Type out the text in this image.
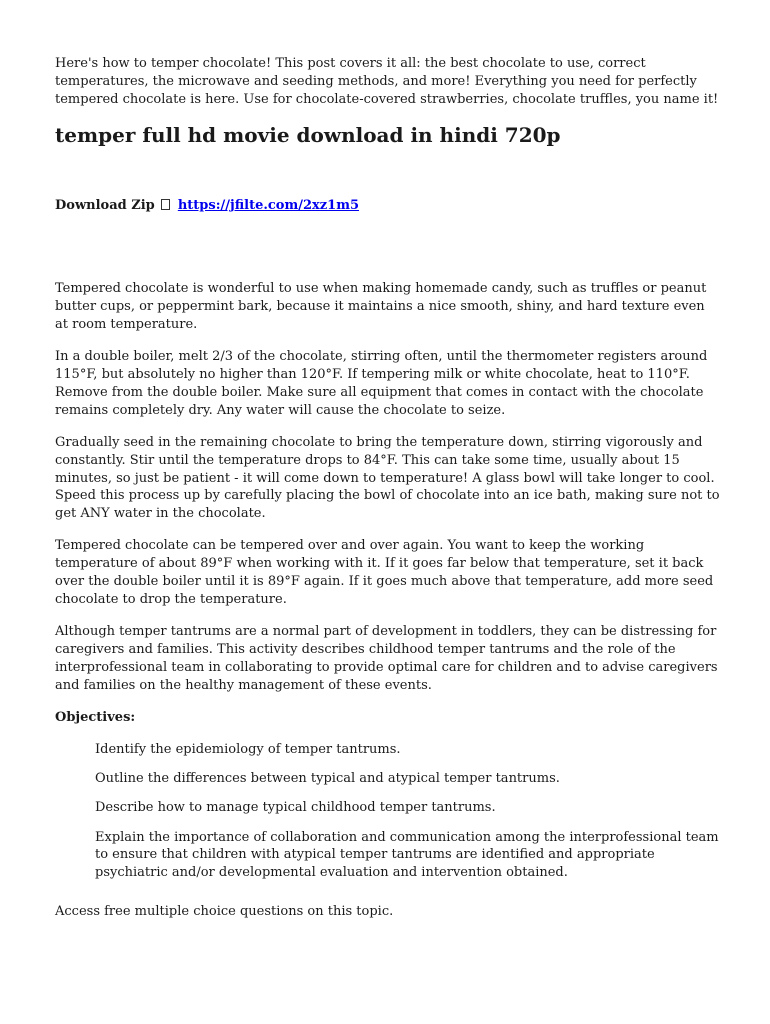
Here's how to temper chocolate! This post covers it all: the best chocolate to use, correct temperatures, the microwave and seeding methods, and more! Everything you need for perfectly tempered chocolate is here. Use for chocolate-covered strawberries, chocolate truffles, you name it!

temper full hd movie download in hindi 720p

Download Zip https://jfilte.com/2xz1m5

Tempered chocolate is wonderful to use when making homemade candy, such as truffles or peanut butter cups, or peppermint bark, because it maintains a nice smooth, shiny, and hard texture even at room temperature.

In a double boiler, melt 2/3 of the chocolate, stirring often, until the thermometer registers around 115°F, but absolutely no higher than 120°F. If tempering milk or white chocolate, heat to 110°F. Remove from the double boiler. Make sure all equipment that comes in contact with the chocolate remains completely dry. Any water will cause the chocolate to seize.

Gradually seed in the remaining chocolate to bring the temperature down, stirring vigorously and constantly. Stir until the temperature drops to 84°F. This can take some time, usually about 15 minutes, so just be patient - it will come down to temperature! A glass bowl will take longer to cool. Speed this process up by carefully placing the bowl of chocolate into an ice bath, making sure not to get ANY water in the chocolate.

Tempered chocolate can be tempered over and over again. You want to keep the working temperature of about 89°F when working with it. If it goes far below that temperature, set it back over the double boiler until it is 89°F again. If it goes much above that temperature, add more seed chocolate to drop the temperature.

Although temper tantrums are a normal part of development in toddlers, they can be distressing for caregivers and families. This activity describes childhood temper tantrums and the role of the interprofessional team in collaborating to provide optimal care for children and to advise caregivers and families on the healthy management of these events.

Objectives:

Identify the epidemiology of temper tantrums.
Outline the differences between typical and atypical temper tantrums.
Describe how to manage typical childhood temper tantrums.
Explain the importance of collaboration and communication among the interprofessional team to ensure that children with atypical temper tantrums are identified and appropriate psychiatric and/or developmental evaluation and intervention obtained.

Access free multiple choice questions on this topic.
